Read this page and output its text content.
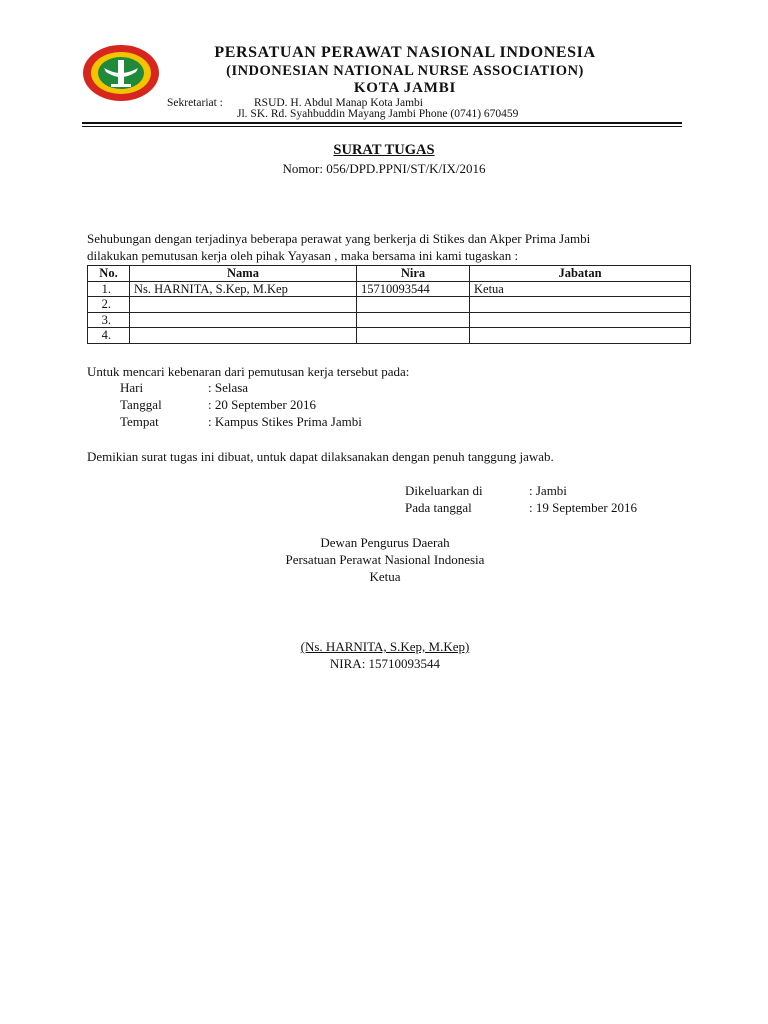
PERSATUAN PERAWAT NASIONAL INDONESIA
(INDONESIAN NATIONAL NURSE ASSOCIATION)
KOTA JAMBI
Sekretariat :	RSUD. H. Abdul Manap Kota Jambi
Jl. SK. Rd. Syahbuddin Mayang Jambi Phone (0741) 670459
SURAT TUGAS
Nomor: 056/DPD.PPNI/ST/K/IX/2016
Sehubungan dengan terjadinya beberapa perawat yang berkerja di Stikes dan Akper Prima Jambi
dilakukan pemutusan kerja oleh pihak Yayasan , maka bersama ini kami tugaskan :
No.	Nama	Nira	Jabatan
1.	Ns. HARNITA, S.Kep, M.Kep	15710093544	Ketua
2.			
3.			
4.			
Untuk mencari kebenaran dari pemutusan kerja tersebut pada:
Hari	: Selasa
Tanggal	: 20 September 2016
Tempat	: Kampus Stikes Prima Jambi
Demikian surat tugas ini dibuat, untuk dapat dilaksanakan dengan penuh tanggung jawab.
Dikeluarkan di	: Jambi
Pada tanggal	: 19 September 2016
Dewan Pengurus Daerah
Persatuan Perawat Nasional Indonesia
Ketua
(Ns. HARNITA, S.Kep, M.Kep)
NIRA: 15710093544
